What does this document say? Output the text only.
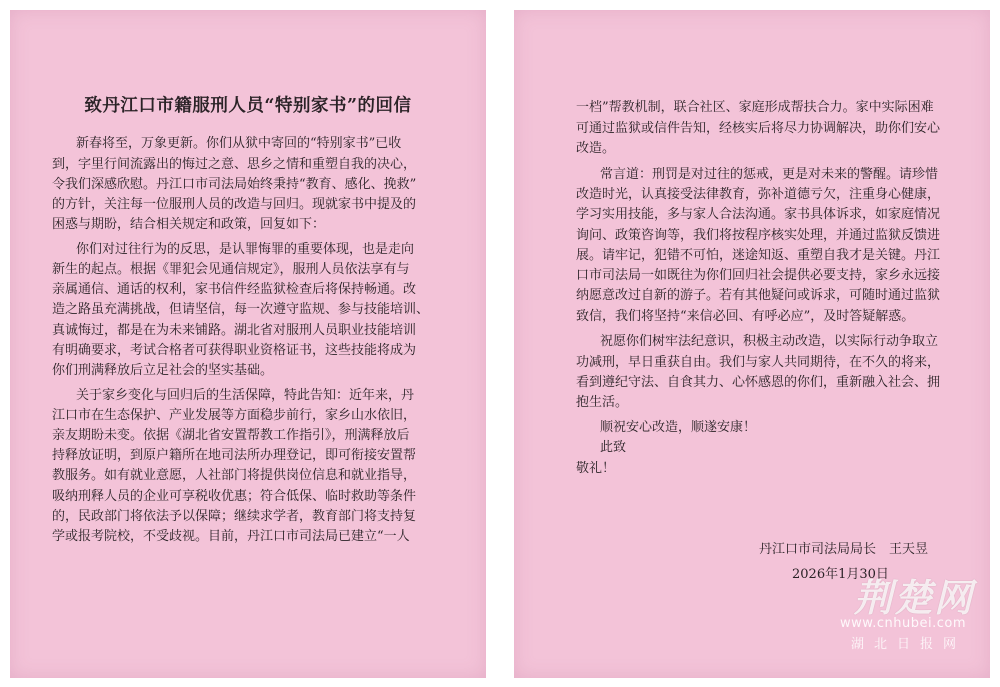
致丹江口市籍服刑人员“特别家书”的回信

新春将至，万象更新。你们从狱中寄回的“特别家书”已收

到，字里行间流露出的悔过之意、思乡之情和重塑自我的决心，

令我们深感欣慰。丹江口市司法局始终秉持“教育、感化、挽救”

的方针，关注每一位服刑人员的改造与回归。现就家书中提及的

困惑与期盼，结合相关规定和政策，回复如下：

你们对过往行为的反思，是认罪悔罪的重要体现，也是走向

新生的起点。根据《罪犯会见通信规定》，服刑人员依法享有与

亲属通信、通话的权利，家书信件经监狱检查后将保持畅通。改

造之路虽充满挑战，但请坚信，每一次遵守监规、参与技能培训、

真诚悔过，都是在为未来铺路。湖北省对服刑人员职业技能培训

有明确要求，考试合格者可获得职业资格证书，这些技能将成为

你们刑满释放后立足社会的坚实基础。

关于家乡变化与回归后的生活保障，特此告知：近年来，丹

江口市在生态保护、产业发展等方面稳步前行，家乡山水依旧，

亲友期盼未变。依据《湖北省安置帮教工作指引》，刑满释放后

持释放证明，到原户籍所在地司法所办理登记，即可衔接安置帮

教服务。如有就业意愿，人社部门将提供岗位信息和就业指导，

吸纳刑释人员的企业可享税收优惠；符合低保、临时救助等条件

的，民政部门将依法予以保障；继续求学者，教育部门将支持复

学或报考院校，不受歧视。目前，丹江口市司法局已建立“一人

一档”帮教机制，联合社区、家庭形成帮扶合力。家中实际困难

可通过监狱或信件告知，经核实后将尽力协调解决，助你们安心

改造。

常言道：刑罚是对过往的惩戒，更是对未来的警醒。请珍惜

改造时光，认真接受法律教育，弥补道德亏欠，注重身心健康，

学习实用技能，多与家人合法沟通。家书具体诉求，如家庭情况

询问、政策咨询等，我们将按程序核实处理，并通过监狱反馈进

展。请牢记，犯错不可怕，迷途知返、重塑自我才是关键。丹江

口市司法局一如既往为你们回归社会提供必要支持，家乡永远接

纳愿意改过自新的游子。若有其他疑问或诉求，可随时通过监狱

致信，我们将坚持“来信必回、有呼必应”，及时答疑解惑。

祝愿你们树牢法纪意识，积极主动改造，以实际行动争取立

功减刑，早日重获自由。我们与家人共同期待，在不久的将来，

看到遵纪守法、自食其力、心怀感恩的你们，重新融入社会、拥

抱生活。

顺祝安心改造，顺遂安康！

此致

敬礼！

丹江口市司法局局长　王天昱

2026年1月30日

荆楚网
www.cnhubei.com
湖北日报网
